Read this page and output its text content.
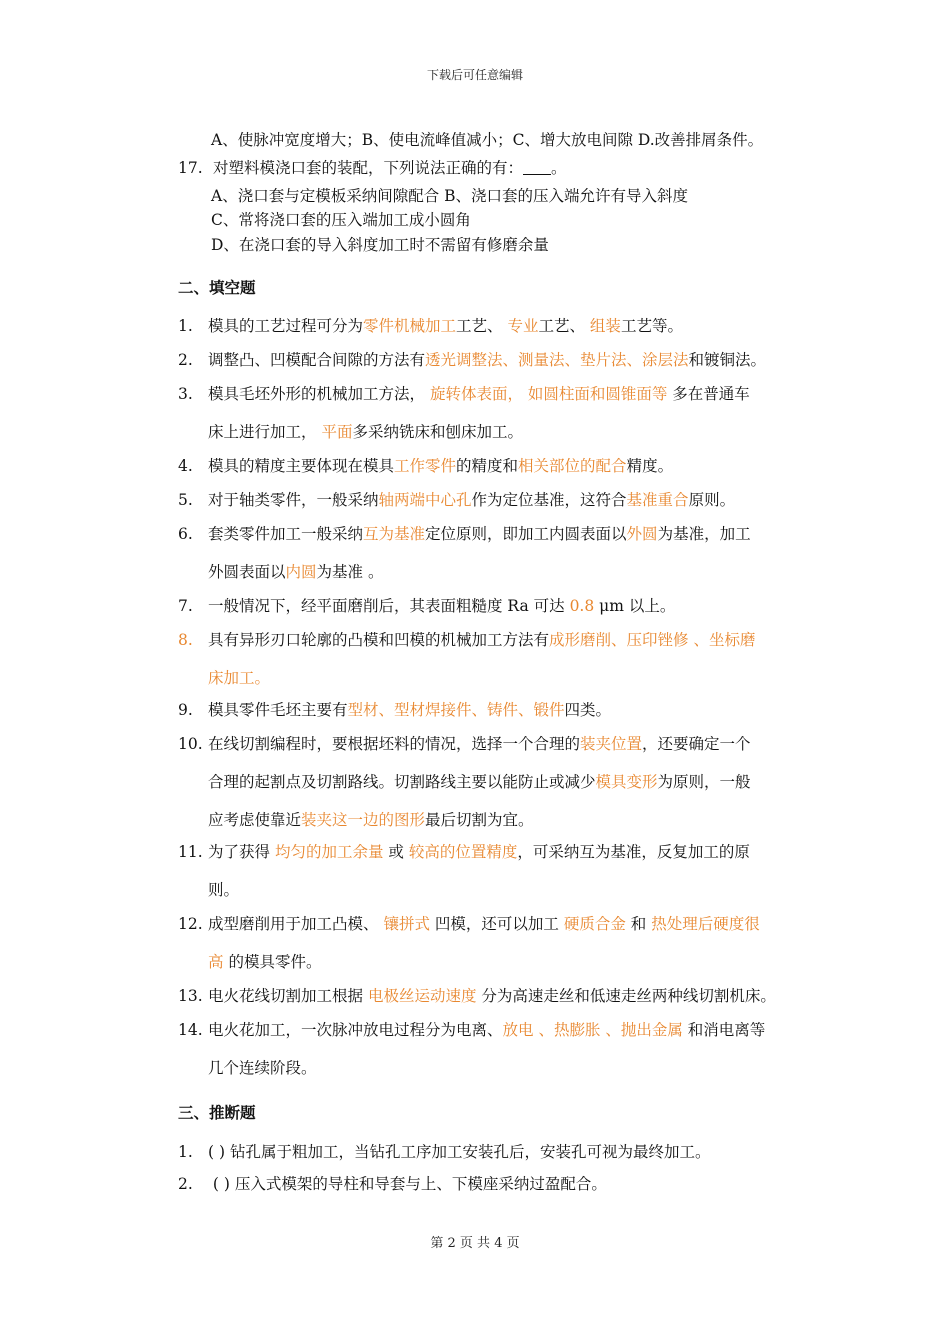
下载后可任意编辑
A、使脉冲宽度增大；B、使电流峰值减小；C、增大放电间隙 D.改善排屑条件。
17. 对塑料模浇口套的装配，下列说法正确的有： 。
A、浇口套与定模板采纳间隙配合 B、浇口套的压入端允许有导入斜度
C、常将浇口套的压入端加工成小圆角
D、在浇口套的导入斜度加工时不需留有修磨余量
二、填空题
1. 模具的工艺过程可分为零件机械加工工艺、 专业工艺、 组装工艺等。
2. 调整凸、凹模配合间隙的方法有透光调整法、测量法、垫片法、涂层法和镀铜法。
3. 模具毛坯外形的机械加工方法， 旋转体表面， 如圆柱面和圆锥面等 多在普通车
床上进行加工， 平面多采纳铣床和刨床加工。
4. 模具的精度主要体现在模具工作零件的精度和相关部位的配合精度。
5. 对于轴类零件，一般采纳轴两端中心孔作为定位基准，这符合基准重合原则。
6. 套类零件加工一般采纳互为基准定位原则，即加工内圆表面以外圆为基准，加工
外圆表面以内圆为基准 。
7. 一般情况下，经平面磨削后，其表面粗糙度 Ra 可达 0.8 μm 以上。
8. 具有异形刃口轮廓的凸模和凹模的机械加工方法有成形磨削、压印锉修 、坐标磨
床加工。
9. 模具零件毛坯主要有型材、型材焊接件、铸件、锻件四类。
10. 在线切割编程时，要根据坯料的情况，选择一个合理的装夹位置，还要确定一个
合理的起割点及切割路线。切割路线主要以能防止或减少模具变形为原则，一般
应考虑使靠近装夹这一边的图形最后切割为宜。
11. 为了获得 均匀的加工余量 或 较高的位置精度，可采纳互为基准，反复加工的原
则。
12. 成型磨削用于加工凸模、 镶拼式 凹模，还可以加工 硬质合金 和 热处理后硬度很
高 的模具零件。
13. 电火花线切割加工根据 电极丝运动速度 分为高速走丝和低速走丝两种线切割机床。
14. 电火花加工，一次脉冲放电过程分为电离、放电 、热膨胀 、抛出金属 和消电离等
几个连续阶段。
三、推断题
1. ( ) 钻孔属于粗加工，当钻孔工序加工安装孔后，安装孔可视为最终加工。
2. ( ) 压入式模架的导柱和导套与上、下模座采纳过盈配合。
第 2 页 共 4 页
